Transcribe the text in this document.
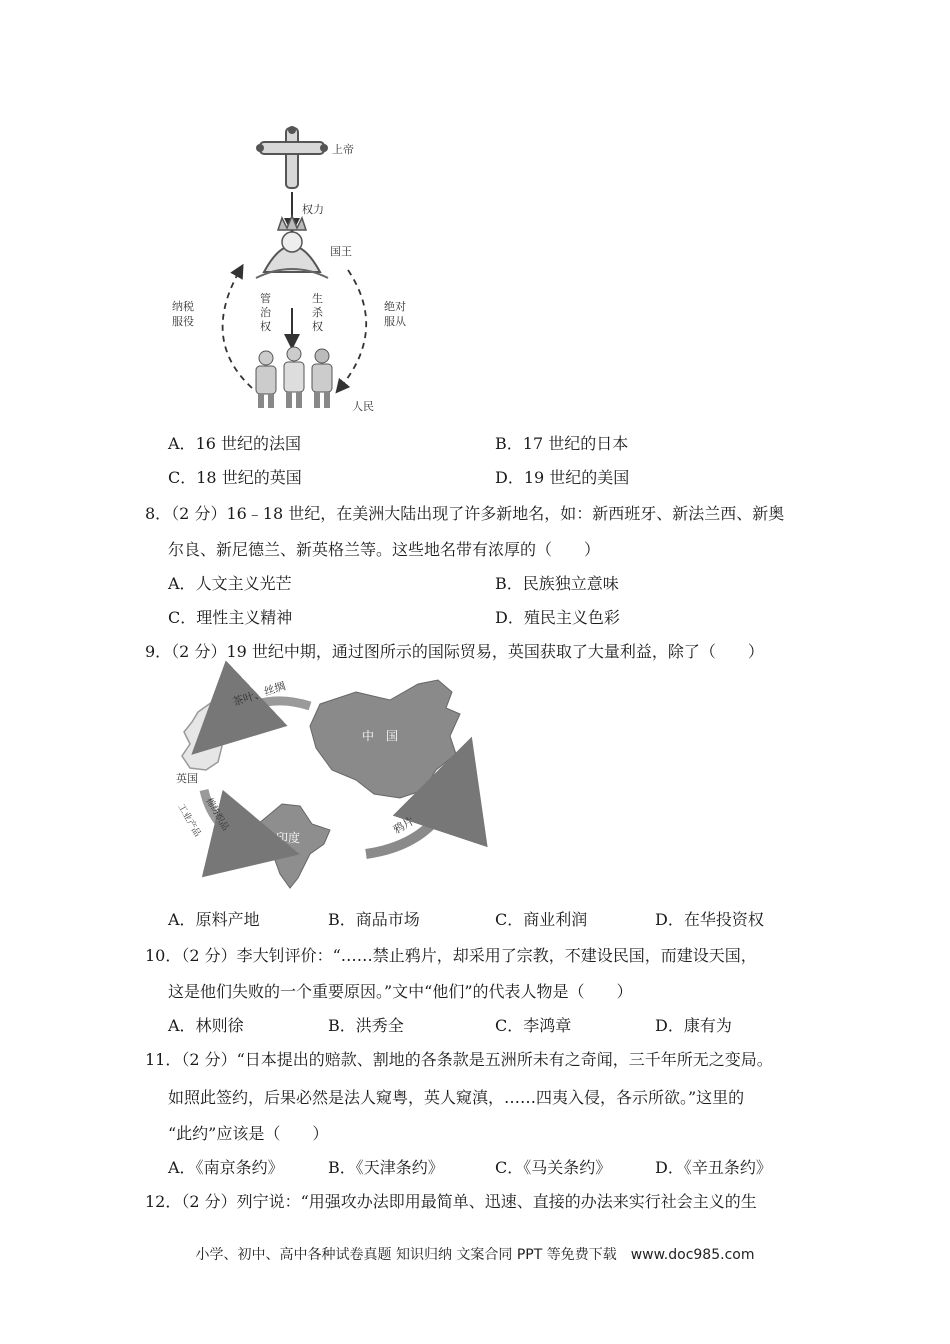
上帝
权力
国王
纳税
服役
绝对
服从
管
治
权
生
杀
权
人民
A．16 世纪的法国	B．17 世纪的日本
C．18 世纪的英国	D．19 世纪的美国
8．（2 分）16﹣18 世纪，在美洲大陆出现了许多新地名，如：新西班牙、新法兰西、新奥
尔良、新尼德兰、新英格兰等。这些地名带有浓厚的（　　）
A．人文主义光芒	B．民族独立意味
C．理性主义精神	D．殖民主义色彩
9．（2 分）19 世纪中期，通过图所示的国际贸易，英国获取了大量利益，除了（　　）
英国
中　国
印度
茶叶、丝绸
棉纺织品
工业产品	鸦片
A．原料产地	B．商品市场	C．商业利润	D．在华投资权
10．（2 分）李大钊评价：“……禁止鸦片，却采用了宗教，不建设民国，而建设天国，
这是他们失败的一个重要原因。”文中“他们”的代表人物是（　　）
A．林则徐	B．洪秀全	C．李鸿章	D．康有为
11．（2 分）“日本提出的赔款、割地的各条款是五洲所未有之奇闻，三千年所无之变局。
如照此签约，后果必然是法人窥粤，英人窥滇，……四夷入侵，各示所欲。”这里的
“此约”应该是（　　）
A．《南京条约》	B．《天津条约》	C．《马关条约》	D．《辛丑条约》
12．（2 分）列宁说：“用强攻办法即用最简单、迅速、直接的办法来实行社会主义的生
小学、初中、高中各种试卷真题 知识归纳 文案合同 PPT 等免费下载　www.doc985.com
